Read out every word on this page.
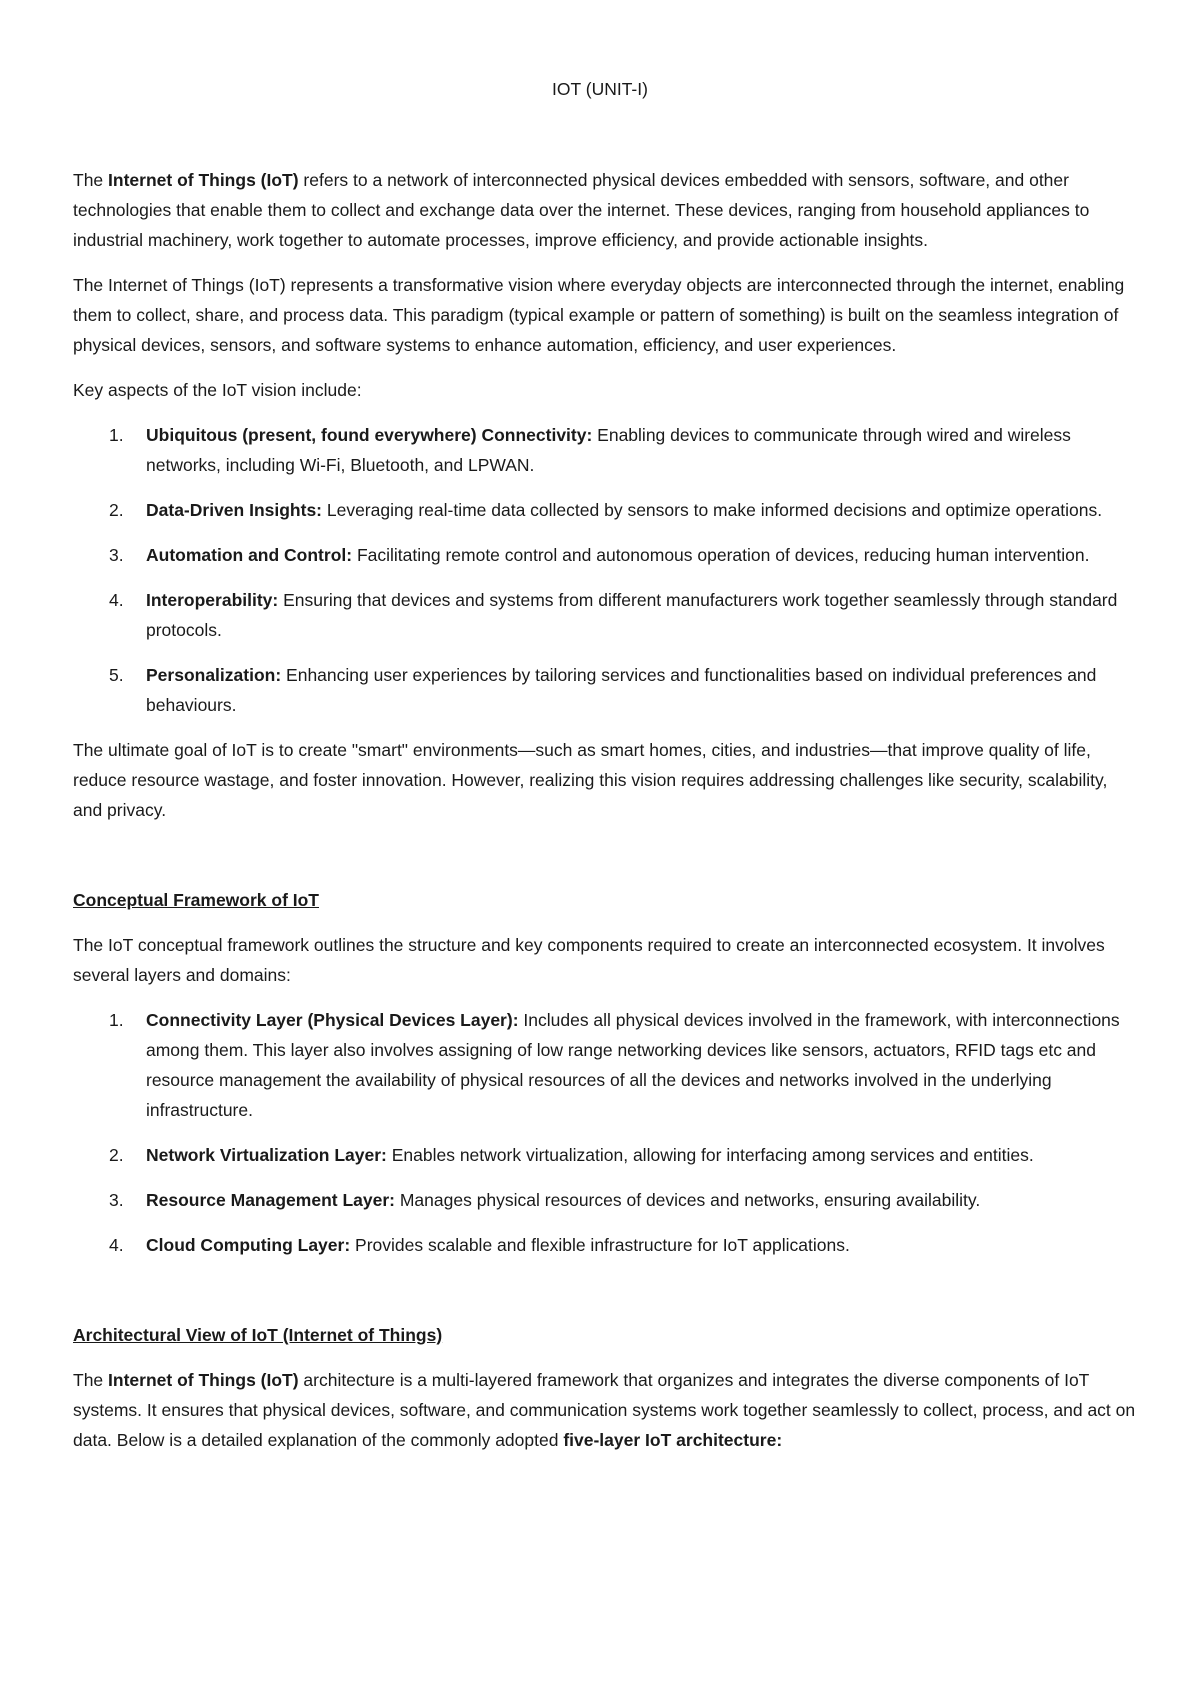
IOT (UNIT-I)

The Internet of Things (IoT) refers to a network of interconnected physical devices embedded with sensors, software, and other technologies that enable them to collect and exchange data over the internet. These devices, ranging from household appliances to industrial machinery, work together to automate processes, improve efficiency, and provide actionable insights.

The Internet of Things (IoT) represents a transformative vision where everyday objects are interconnected through the internet, enabling them to collect, share, and process data. This paradigm (typical example or pattern of something) is built on the seamless integration of physical devices, sensors, and software systems to enhance automation, efficiency, and user experiences.

Key aspects of the IoT vision include:

1. Ubiquitous (present, found everywhere) Connectivity: Enabling devices to communicate through wired and wireless networks, including Wi-Fi, Bluetooth, and LPWAN.
2. Data-Driven Insights: Leveraging real-time data collected by sensors to make informed decisions and optimize operations.
3. Automation and Control: Facilitating remote control and autonomous operation of devices, reducing human intervention.
4. Interoperability: Ensuring that devices and systems from different manufacturers work together seamlessly through standard protocols.
5. Personalization: Enhancing user experiences by tailoring services and functionalities based on individual preferences and behaviours.

The ultimate goal of IoT is to create "smart" environments—such as smart homes, cities, and industries—that improve quality of life, reduce resource wastage, and foster innovation. However, realizing this vision requires addressing challenges like security, scalability, and privacy.

Conceptual Framework of IoT

The IoT conceptual framework outlines the structure and key components required to create an interconnected ecosystem. It involves several layers and domains:

1. Connectivity Layer (Physical Devices Layer): Includes all physical devices involved in the framework, with interconnections among them. This layer also involves assigning of low range networking devices like sensors, actuators, RFID tags etc and resource management the availability of physical resources of all the devices and networks involved in the underlying infrastructure.
2. Network Virtualization Layer: Enables network virtualization, allowing for interfacing among services and entities.
3. Resource Management Layer: Manages physical resources of devices and networks, ensuring availability.
4. Cloud Computing Layer: Provides scalable and flexible infrastructure for IoT applications.
Architectural View of IoT (Internet of Things)

The Internet of Things (IoT) architecture is a multi-layered framework that organizes and integrates the diverse components of IoT systems. It ensures that physical devices, software, and communication systems work together seamlessly to collect, process, and act on data. Below is a detailed explanation of the commonly adopted five-layer IoT architecture:
